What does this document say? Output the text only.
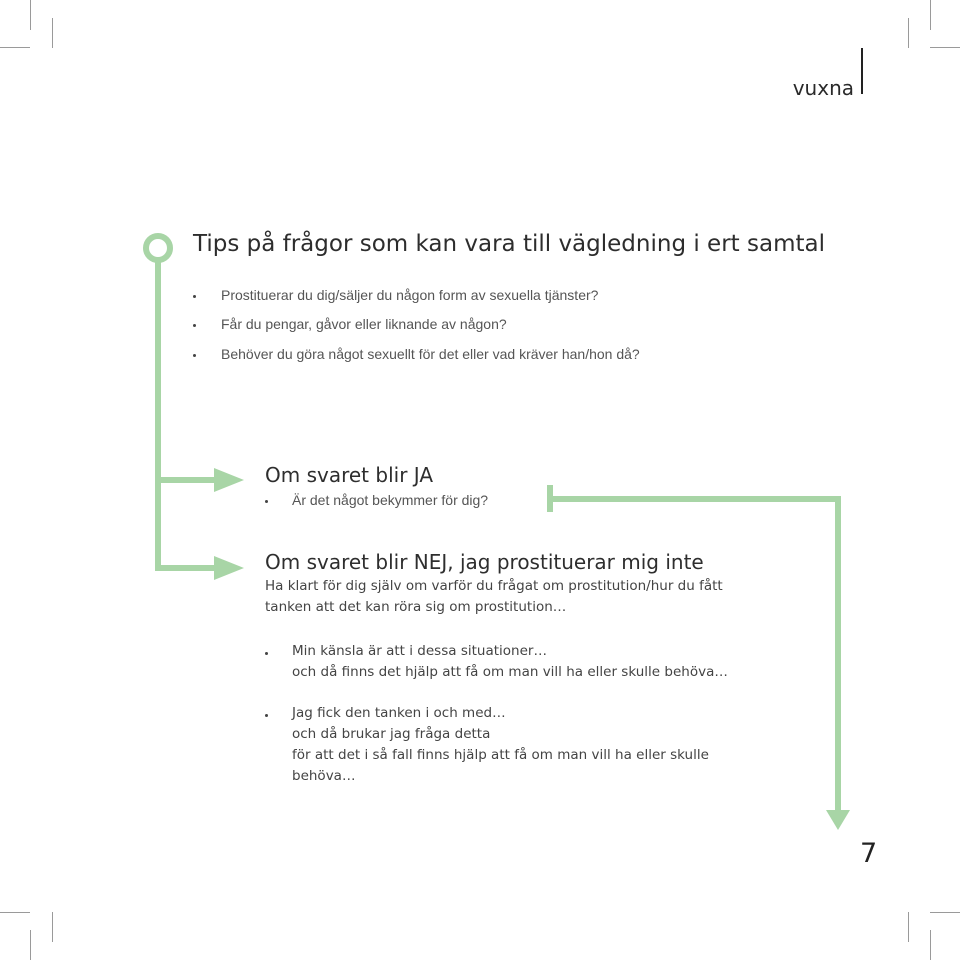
vuxna
Tips på frågor som kan vara till vägledning i ert samtal
Prostituerar du dig/säljer du någon form av sexuella tjänster?
Får du pengar, gåvor eller liknande av någon?
Behöver du göra något sexuellt för det eller vad kräver han/hon då?
Om svaret blir JA
Är det något bekymmer för dig?
Om svaret blir NEJ, jag prostituerar mig inte
Ha klart för dig själv om varför du frågat om prostitution/hur du fått
tanken att det kan röra sig om prostitution…
Min känsla är att i dessa situationer…
och då finns det hjälp att få om man vill ha eller skulle behöva…
Jag fick den tanken i och med…
och då brukar jag fråga detta
för att det i så fall finns hjälp att få om man vill ha eller skulle
behöva…
7
